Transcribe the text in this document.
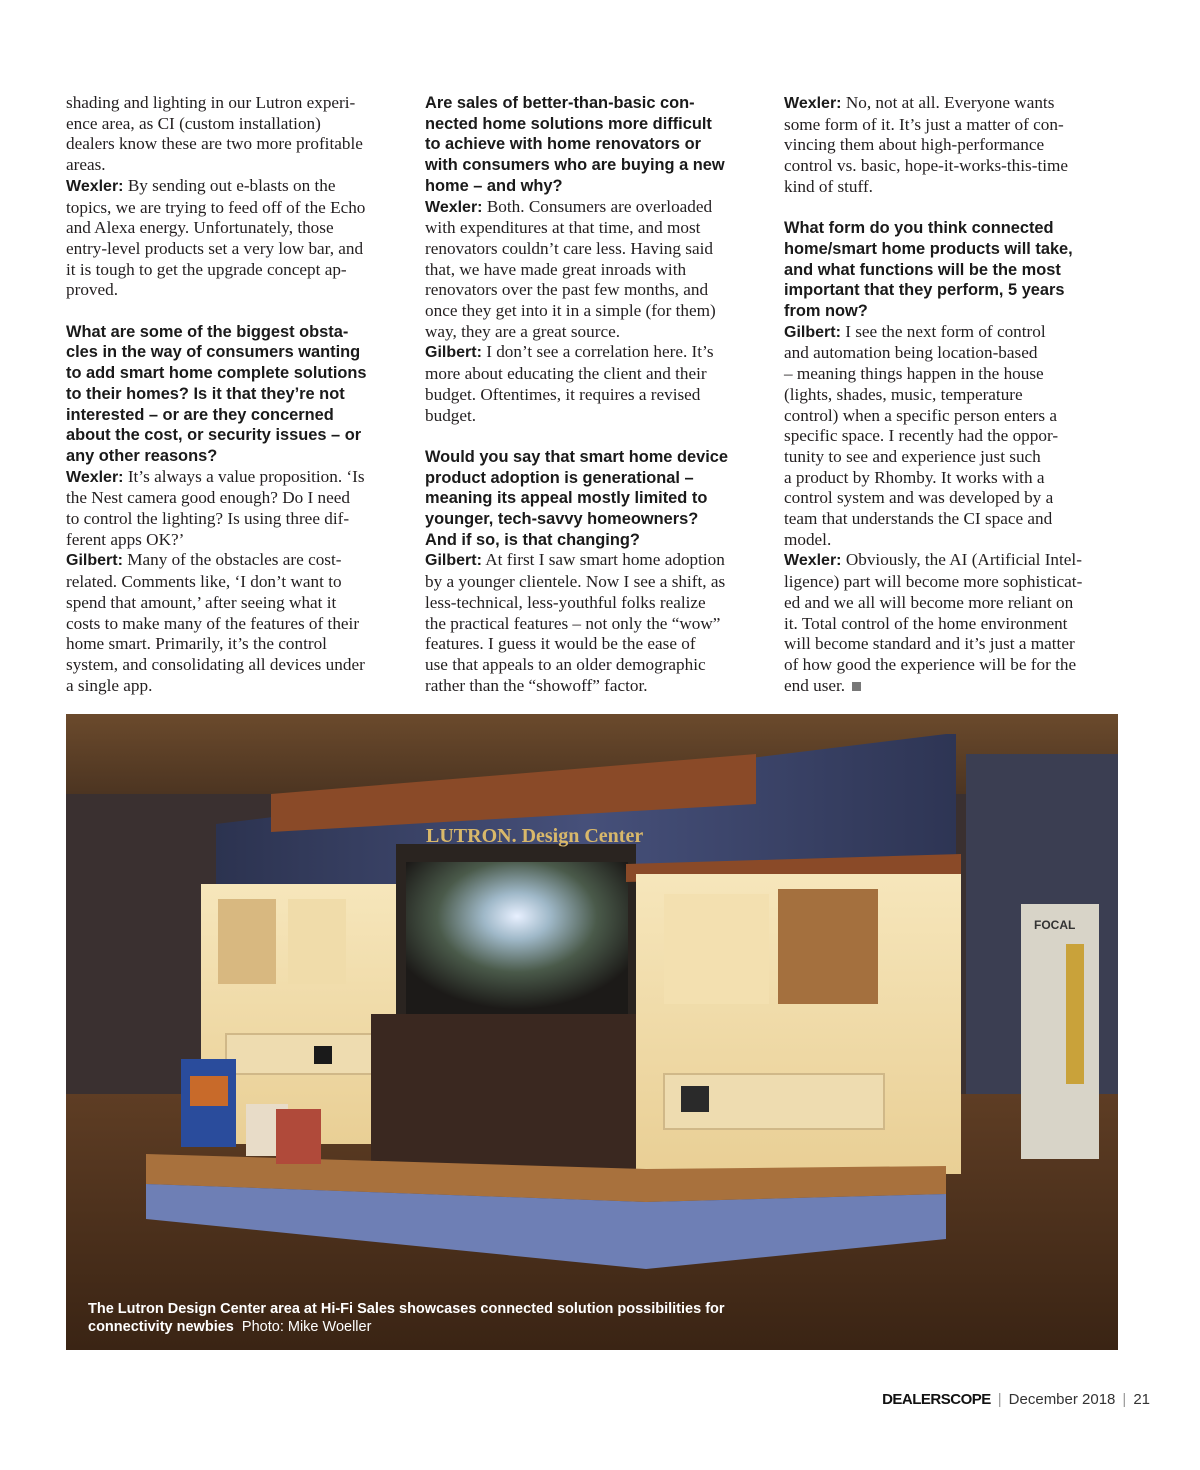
shading and lighting in our Lutron experi-
ence area, as CI (custom installation)
dealers know these are two more profitable
areas.

Wexler: By sending out e-blasts on the
topics, we are trying to feed off of the Echo
and Alexa energy. Unfortunately, those
entry-level products set a very low bar, and
it is tough to get the upgrade concept ap-
proved.

What are some of the biggest obsta-
cles in the way of consumers wanting
to add smart home complete solutions
to their homes? Is it that they’re not
interested – or are they concerned
about the cost, or security issues – or
any other reasons?

Wexler: It’s always a value proposition. ‘Is
the Nest camera good enough? Do I need
to control the lighting? Is using three dif-
ferent apps OK?’

Gilbert: Many of the obstacles are cost-
related. Comments like, ‘I don’t want to
spend that amount,’ after seeing what it
costs to make many of the features of their
home smart. Primarily, it’s the control
system, and consolidating all devices under
a single app.

Are sales of better-than-basic con-
nected home solutions more difficult
to achieve with home renovators or
with consumers who are buying a new
home – and why?

Wexler: Both. Consumers are overloaded
with expenditures at that time, and most
renovators couldn’t care less. Having said
that, we have made great inroads with
renovators over the past few months, and
once they get into it in a simple (for them)
way, they are a great source.

Gilbert: I don’t see a correlation here. It’s
more about educating the client and their
budget. Oftentimes, it requires a revised
budget.

Would you say that smart home device
product adoption is generational –
meaning its appeal mostly limited to
younger, tech-savvy homeowners?
And if so, is that changing?

Gilbert: At first I saw smart home adoption
by a younger clientele. Now I see a shift, as
less-technical, less-youthful folks realize
the practical features – not only the “wow”
features. I guess it would be the ease of
use that appeals to an older demographic
rather than the “showoff” factor.

Wexler: No, not at all. Everyone wants
some form of it. It’s just a matter of con-
vincing them about high-performance
control vs. basic, hope-it-works-this-time
kind of stuff.

What form do you think connected
home/smart home products will take,
and what functions will be the most
important that they perform, 5 years
from now?

Gilbert: I see the next form of control
and automation being location-based
– meaning things happen in the house
(lights, shades, music, temperature
control) when a specific person enters a
specific space. I recently had the oppor-
tunity to see and experience just such
a product by Rhomby. It works with a
control system and was developed by a
team that understands the CI space and
model.

Wexler: Obviously, the AI (Artificial Intel-
ligence) part will become more sophisticat-
ed and we all will become more reliant on
it. Total control of the home environment
will become standard and it’s just a matter
of how good the experience will be for the
end user.

LUTRON. Design Center
FOCAL
The Lutron Design Center area at Hi-Fi Sales showcases connected solution possibilities for connectivity newbies Photo: Mike Woeller
DEALERSCOPE | December 2018 | 21
